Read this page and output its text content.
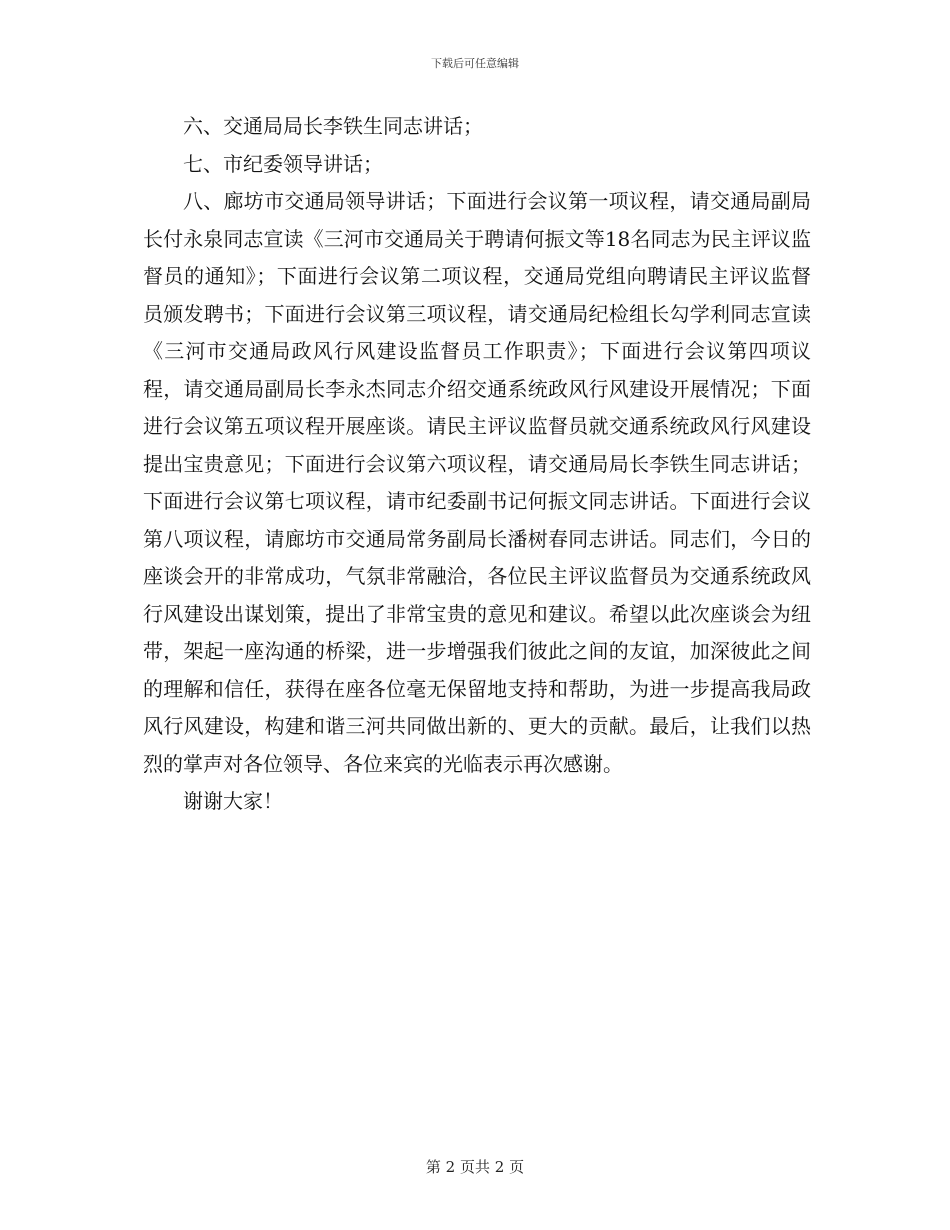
下载后可任意编辑

六、交通局局长李铁生同志讲话；

七、市纪委领导讲话；

八、廊坊市交通局领导讲话；下面进行会议第一项议程，请交通局副局长付永泉同志宣读《三河市交通局关于聘请何振文等18名同志为民主评议监督员的通知》；下面进行会议第二项议程，交通局党组向聘请民主评议监督员颁发聘书；下面进行会议第三项议程，请交通局纪检组长勾学利同志宣读《三河市交通局政风行风建设监督员工作职责》；下面进行会议第四项议程，请交通局副局长李永杰同志介绍交通系统政风行风建设开展情况；下面进行会议第五项议程开展座谈。请民主评议监督员就交通系统政风行风建设提出宝贵意见；下面进行会议第六项议程，请交通局局长李铁生同志讲话；下面进行会议第七项议程，请市纪委副书记何振文同志讲话。下面进行会议第八项议程，请廊坊市交通局常务副局长潘树春同志讲话。同志们，今日的座谈会开的非常成功，气氛非常融洽，各位民主评议监督员为交通系统政风行风建设出谋划策，提出了非常宝贵的意见和建议。希望以此次座谈会为纽带，架起一座沟通的桥梁，进一步增强我们彼此之间的友谊，加深彼此之间的理解和信任，获得在座各位毫无保留地支持和帮助，为进一步提高我局政风行风建设，构建和谐三河共同做出新的、更大的贡献。最后，让我们以热烈的掌声对各位领导、各位来宾的光临表示再次感谢。

谢谢大家！

第 2 页共 2 页
